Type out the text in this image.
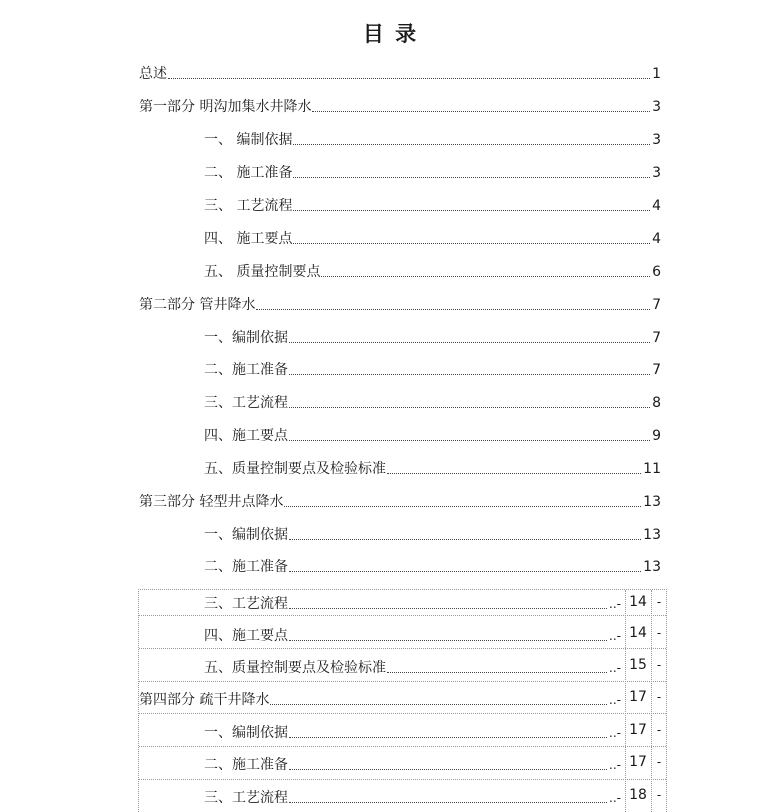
目 录
总述	1
第一部分 明沟加集水井降水	3
一、 编制依据	3
二、 施工准备	3
三、 工艺流程	4
四、 施工要点	4
五、 质量控制要点	6
第二部分 管井降水	7
一、编制依据	7
二、施工准备	7
三、工艺流程	8
四、施工要点	9
五、质量控制要点及检验标准	11
第三部分 轻型井点降水	13
一、编制依据	13
二、施工准备	13
三、工艺流程	..- 14 -
四、施工要点	..- 14 -
五、质量控制要点及检验标准	..- 15 -
第四部分 疏干井降水	..- 17 -
一、编制依据	..- 17 -
二、施工准备	..- 17 -
三、工艺流程	..- 18 -
